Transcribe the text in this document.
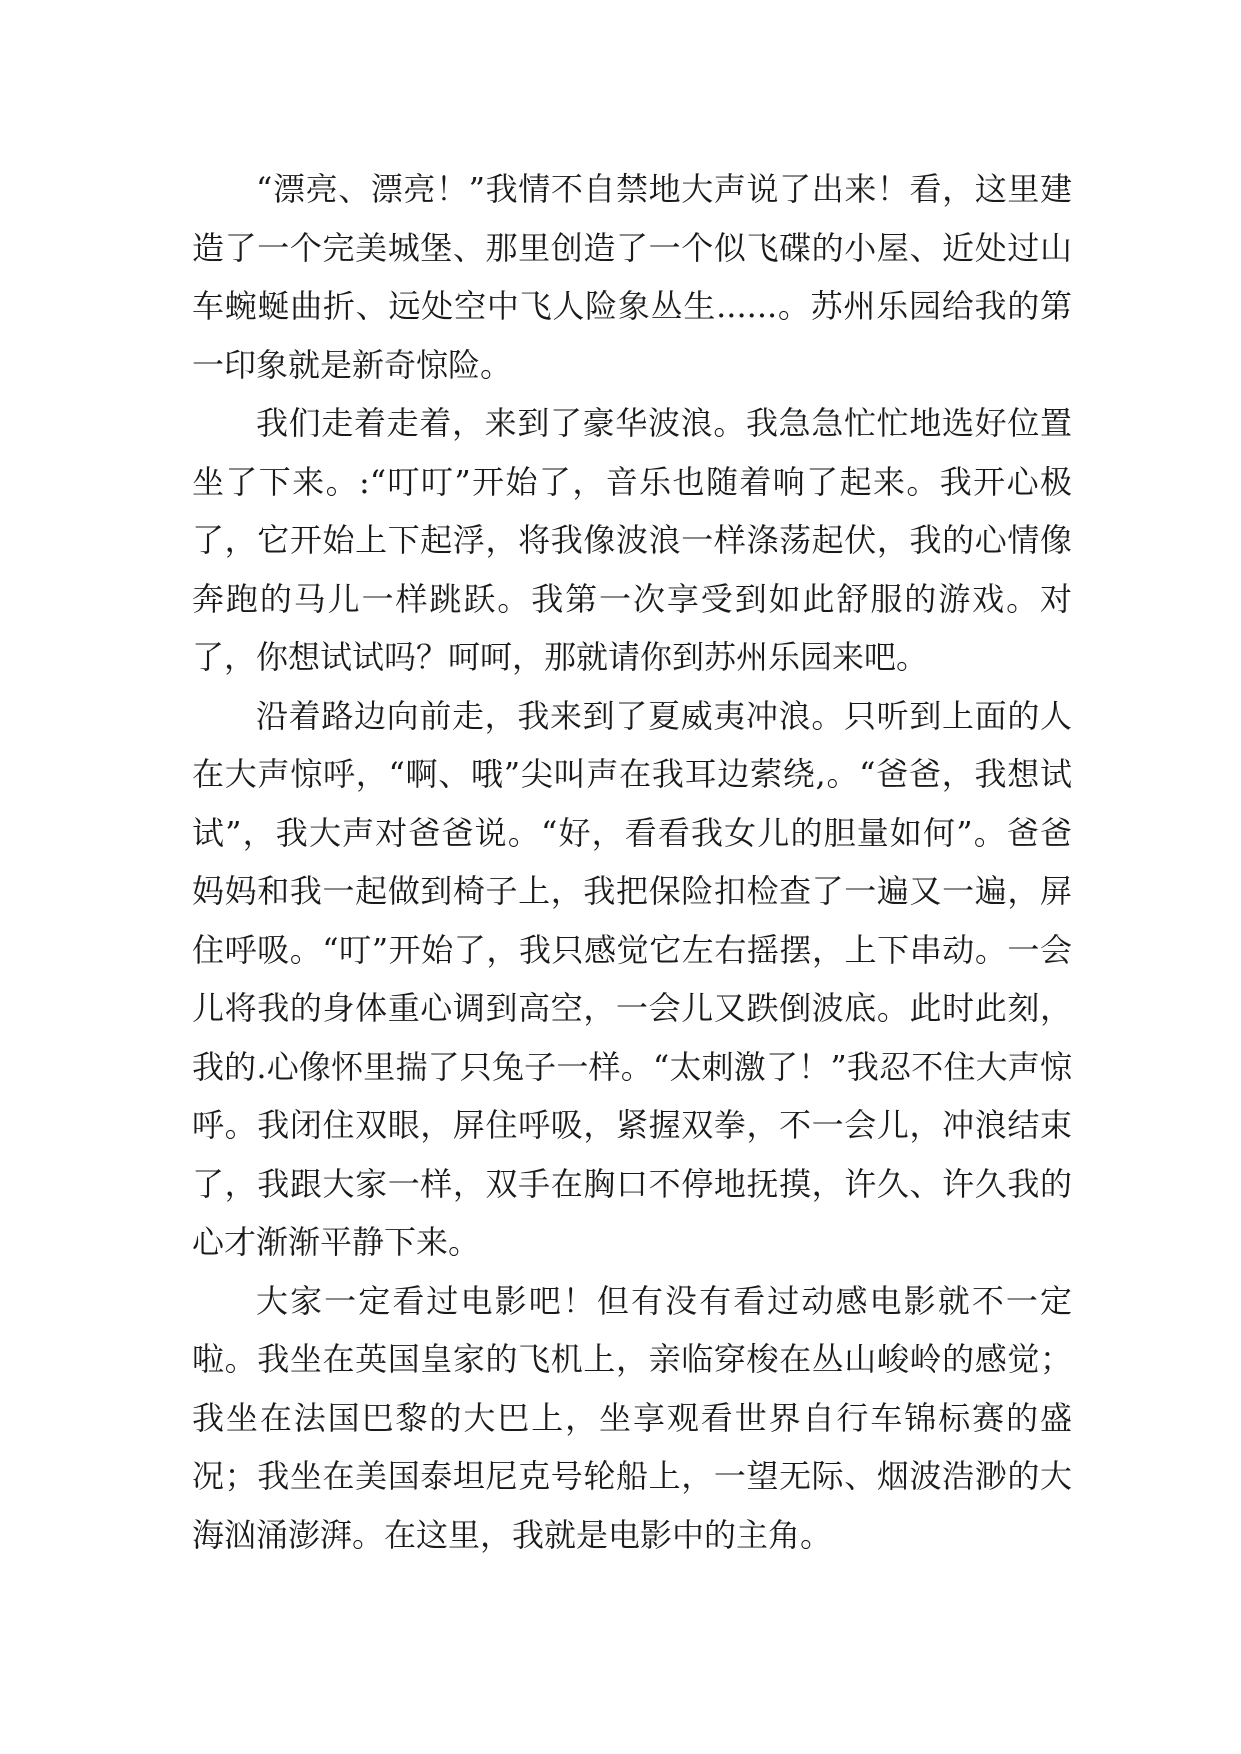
“漂亮、漂亮！”我情不自禁地大声说了出来！看，这里建造了一个完美城堡、那里创造了一个似飞碟的小屋、近处过山车蜿蜒曲折、远处空中飞人险象丛生......。苏州乐园给我的第一印象就是新奇惊险。

我们走着走着，来到了豪华波浪。我急急忙忙地选好位置坐了下来。:“叮叮”开始了，音乐也随着响了起来。我开心极了，它开始上下起浮，将我像波浪一样涤荡起伏，我的心情像奔跑的马儿一样跳跃。我第一次享受到如此舒服的游戏。对了，你想试试吗？呵呵，那就请你到苏州乐园来吧。

沿着路边向前走，我来到了夏威夷冲浪。只听到上面的人在大声惊呼，“啊、哦”尖叫声在我耳边萦绕,。“爸爸，我想试试”，我大声对爸爸说。“好，看看我女儿的胆量如何”。爸爸妈妈和我一起做到椅子上，我把保险扣检查了一遍又一遍，屏住呼吸。“叮”开始了，我只感觉它左右摇摆，上下串动。一会儿将我的身体重心调到高空，一会儿又跌倒波底。此时此刻，我的.心像怀里揣了只兔子一样。“太刺激了！”我忍不住大声惊呼。我闭住双眼，屏住呼吸，紧握双拳，不一会儿，冲浪结束了，我跟大家一样，双手在胸口不停地抚摸，许久、许久我的心才渐渐平静下来。

大家一定看过电影吧！但有没有看过动感电影就不一定啦。我坐在英国皇家的飞机上，亲临穿梭在丛山峻岭的感觉；我坐在法国巴黎的大巴上，坐享观看世界自行车锦标赛的盛况；我坐在美国泰坦尼克号轮船上，一望无际、烟波浩渺的大海汹涌澎湃。在这里，我就是电影中的主角。
